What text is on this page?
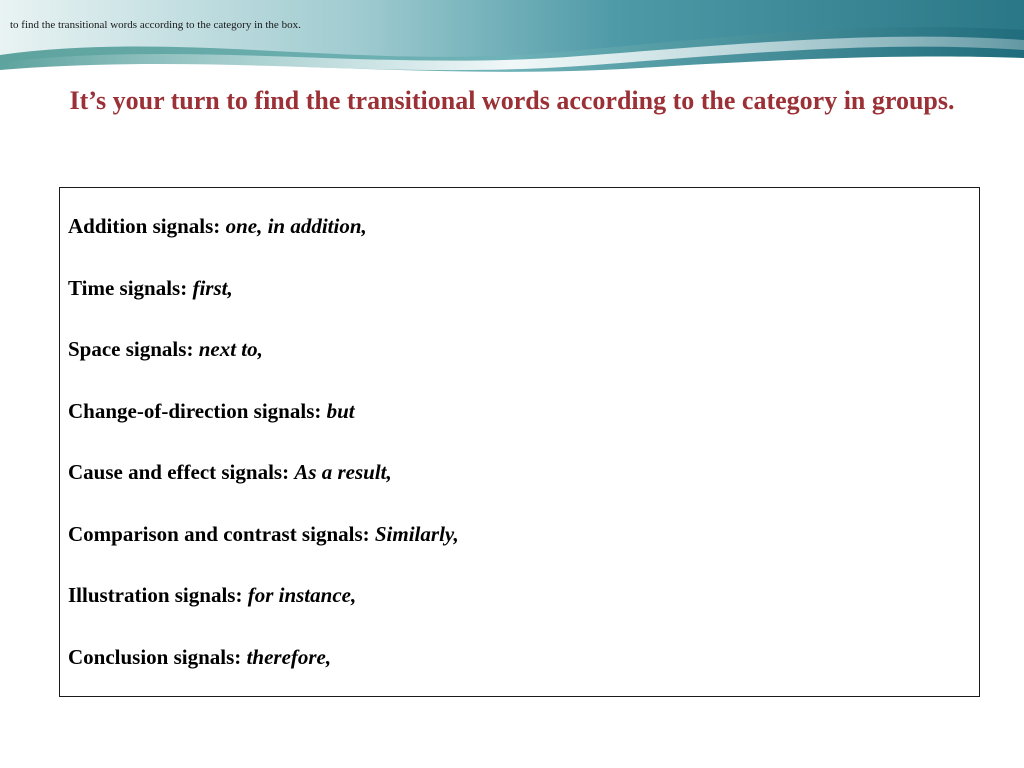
to find the transitional words according to the category in the box.
It’s your turn to find the transitional words according to the category in groups.
Addition signals: one, in addition,
Time signals: first,
Space signals: next to,
Change-of-direction signals: but
Cause and effect signals: As a result,
Comparison and contrast signals: Similarly,
Illustration signals: for instance,
Conclusion signals: therefore,
